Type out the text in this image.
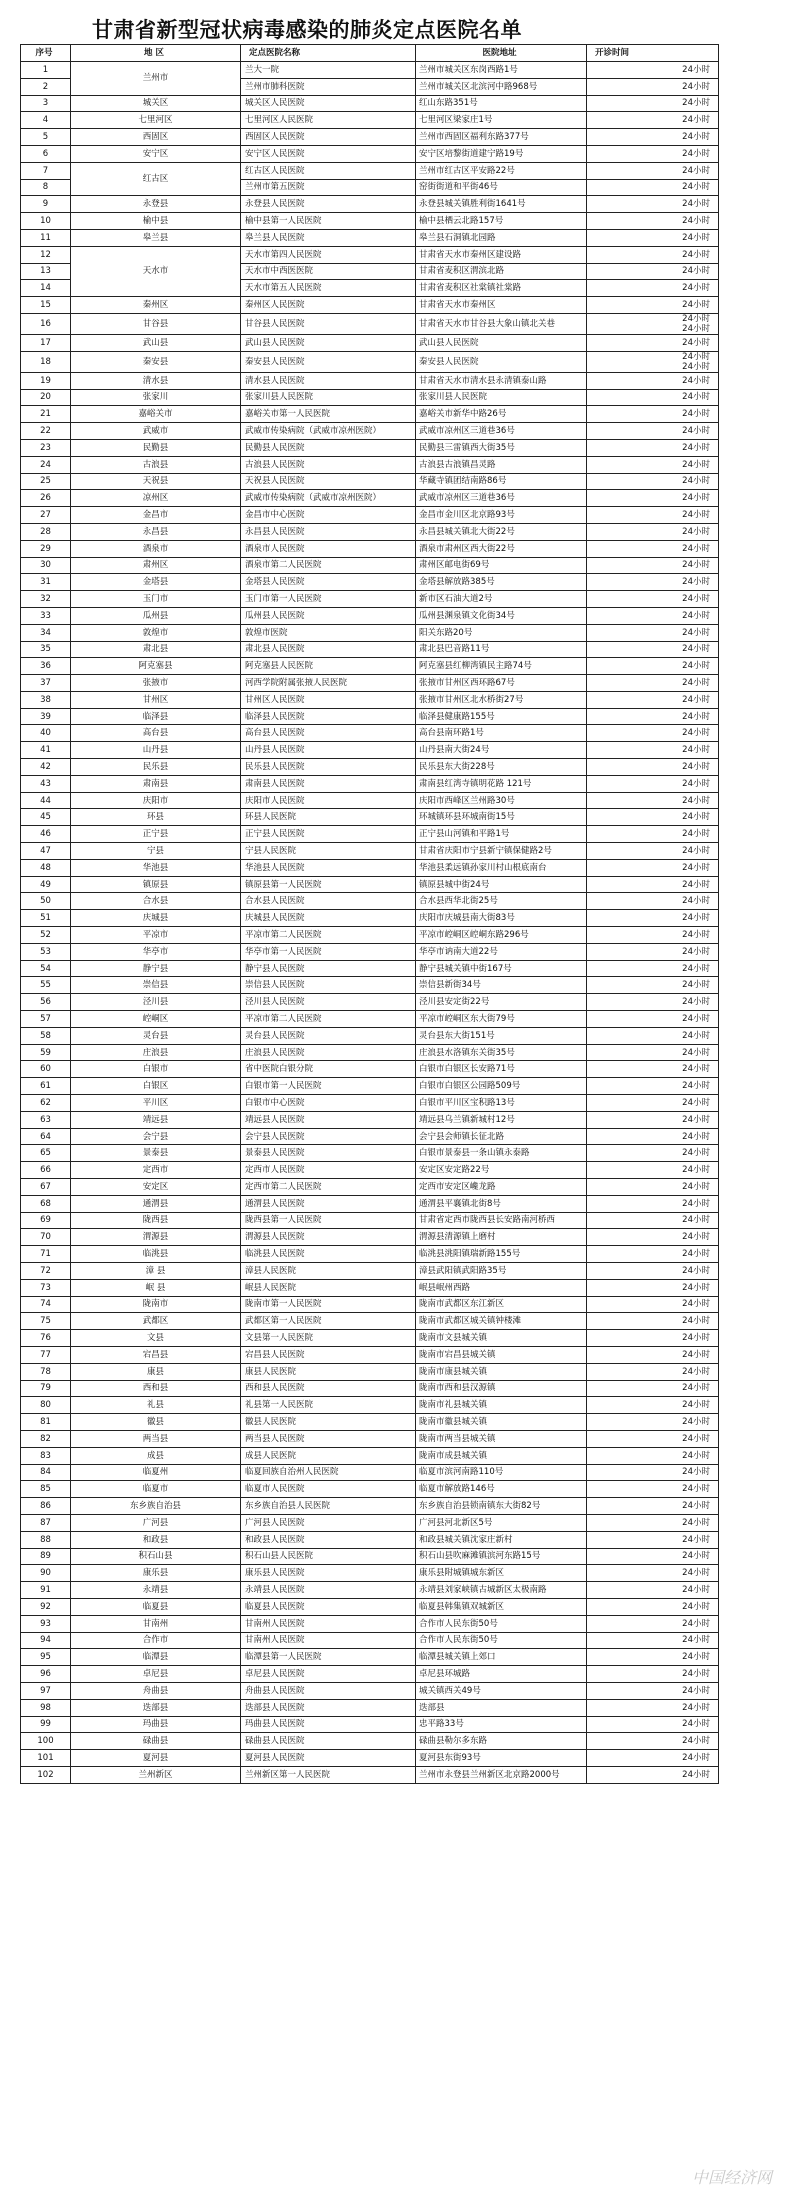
甘肃省新型冠状病毒感染的肺炎定点医院名单
序号	地 区	定点医院名称	医院地址	开诊时间
1	兰州市	兰大一院	兰州市城关区东岗西路1号	24小时

2		兰州市肺科医院	兰州市城关区北滨河中路968号	24小时

3	城关区	城关区人民医院	红山东路351号	24小时

4	七里河区	七里河区人民医院	七里河区梁家庄1号	24小时

5	西固区	西固区人民医院	兰州市西固区福利东路377号	24小时

6	安宁区	安宁区人民医院	安宁区培黎街道建宁路19号	24小时

7	红古区	红古区人民医院	兰州市红古区平安路22号	24小时

8		兰州市第五医院	窑街街道和平街46号	24小时

9	永登县	永登县人民医院	永登县城关镇胜利街1641号	24小时

10	榆中县	榆中县第一人民医院	榆中县栖云北路157号	24小时

11	皋兰县	皋兰县人民医院	皋兰县石洞镇北园路	24小时

12	天水市	天水市第四人民医院	甘肃省天水市秦州区建设路	24小时

13		天水市中西医医院	甘肃省麦积区渭滨北路	24小时

14		天水市第五人民医院	甘肃省麦积区社棠镇社棠路	24小时

15	秦州区	秦州区人民医院	甘肃省天水市秦州区	24小时

16	甘谷县	甘谷县人民医院	甘肃省天水市甘谷县大象山镇北关巷	24小时
24小时

17	武山县	武山县人民医院	武山县人民医院	24小时

18	秦安县	秦安县人民医院	秦安县人民医院	24小时
24小时

19	清水县	清水县人民医院	甘肃省天水市清水县永清镇泰山路	24小时

20	张家川	张家川县人民医院	张家川县人民医院	24小时

21	嘉峪关市	嘉峪关市第一人民医院	嘉峪关市新华中路26号	24小时

22	武威市	武威市传染病院（武威市凉州医院）	武威市凉州区三道巷36号	24小时

23	民勤县	民勤县人民医院	民勤县三雷镇西大街35号	24小时

24	古浪县	古浪县人民医院	古浪县古浪镇昌灵路	24小时

25	天祝县	天祝县人民医院	华藏寺镇团结南路86号	24小时

26	凉州区	武威市传染病院（武威市凉州医院）	武威市凉州区三道巷36号	24小时

27	金昌市	金昌市中心医院	金昌市金川区北京路93号	24小时

28	永昌县	永昌县人民医院	永昌县城关镇北大街22号	24小时

29	酒泉市	酒泉市人民医院	酒泉市肃州区西大街22号	24小时

30	肃州区	酒泉市第二人民医院	肃州区邮电街69号	24小时

31	金塔县	金塔县人民医院	金塔县解放路385号	24小时

32	玉门市	玉门市第一人民医院	新市区石油大道2号	24小时

33	瓜州县	瓜州县人民医院	瓜州县渊泉镇文化街34号	24小时

34	敦煌市	敦煌市医院	阳关东路20号	24小时

35	肃北县	肃北县人民医院	肃北县巴音路11号	24小时

36	阿克塞县	阿克塞县人民医院	阿克塞县红柳湾镇民主路74号	24小时

37	张掖市	河西学院附属张掖人民医院	张掖市甘州区西环路67号	24小时

38	甘州区	甘州区人民医院	张掖市甘州区北水桥街27号	24小时

39	临泽县	临泽县人民医院	临泽县健康路155号	24小时

40	高台县	高台县人民医院	高台县南环路1号	24小时

41	山丹县	山丹县人民医院	山丹县南大街24号	24小时

42	民乐县	民乐县人民医院	民乐县东大街228号	24小时

43	肃南县	肃南县人民医院	肃南县红湾寺镇明花路 121号	24小时

44	庆阳市	庆阳市人民医院	庆阳市西峰区兰州路30号	24小时

45	环县	环县人民医院	环城镇环县环城南街15号	24小时

46	正宁县	正宁县人民医院	正宁县山河镇和平路1号	24小时

47	宁县	宁县人民医院	甘肃省庆阳市宁县新宁镇保健路2号	24小时

48	华池县	华池县人民医院	华池县柔远镇孙家川村山根底南台	24小时

49	镇原县	镇原县第一人民医院	镇原县城中街24号	24小时

50	合水县	合水县人民医院	合水县西华北街25号	24小时

51	庆城县	庆城县人民医院	庆阳市庆城县南大街83号	24小时

52	平凉市	平凉市第二人民医院	平凉市崆峒区崆峒东路296号	24小时

53	华亭市	华亭市第一人民医院	华亭市讷南大道22号	24小时

54	静宁县	静宁县人民医院	静宁县城关镇中街167号	24小时

55	崇信县	崇信县人民医院	崇信县新街34号	24小时

56	泾川县	泾川县人民医院	泾川县安定街22号	24小时

57	崆峒区	平凉市第二人民医院	平凉市崆峒区东大街79号	24小时

58	灵台县	灵台县人民医院	灵台县东大街151号	24小时

59	庄浪县	庄浪县人民医院	庄浪县水洛镇东关街35号	24小时

60	白银市	省中医院白银分院	白银市白银区长安路71号	24小时

61	白银区	白银市第一人民医院	白银市白银区公园路509号	24小时

62	平川区	白银市中心医院	白银市平川区宝积路13号	24小时

63	靖远县	靖远县人民医院	靖远县乌兰镇新城村12号	24小时

64	会宁县	会宁县人民医院	会宁县会师镇长征北路	24小时

65	景泰县	景泰县人民医院	白银市景泰县一条山镇永泰路	24小时

66	定西市	定西市人民医院	安定区安定路22号	24小时

67	安定区	定西市第二人民医院	定西市安定区巉龙路	24小时

68	通渭县	通渭县人民医院	通渭县平襄镇北街8号	24小时

69	陇西县	陇西县第一人民医院	甘肃省定西市陇西县长安路南河桥西	24小时

70	渭源县	渭源县人民医院	渭源县清源镇上磨村	24小时

71	临洮县	临洮县人民医院	临洮县洮阳镇瑞新路155号	24小时

72	漳 县	漳县人民医院	漳县武阳镇武阳路35号	24小时

73	岷 县	岷县人民医院	岷县岷州西路	24小时

74	陇南市	陇南市第一人民医院	陇南市武都区东江新区	24小时

75	武都区	武都区第一人民医院	陇南市武都区城关镇钟楼滩	24小时

76	文县	文县第一人民医院	陇南市文县城关镇	24小时

77	宕昌县	宕昌县人民医院	陇南市宕昌县城关镇	24小时

78	康县	康县人民医院	陇南市康县城关镇	24小时

79	西和县	西和县人民医院	陇南市西和县汉源镇	24小时

80	礼县	礼县第一人民医院	陇南市礼县城关镇	24小时

81	徽县	徽县人民医院	陇南市徽县城关镇	24小时

82	两当县	两当县人民医院	陇南市两当县城关镇	24小时

83	成县	成县人民医院	陇南市成县城关镇	24小时

84	临夏州	临夏回族自治州人民医院	临夏市滨河南路110号	24小时

85	临夏市	临夏市人民医院	临夏市解放路146号	24小时

86	东乡族自治县	东乡族自治县人民医院	东乡族自治县锁南镇东大街82号	24小时

87	广河县	广河县人民医院	广河县河北新区5号	24小时

88	和政县	和政县人民医院	和政县城关镇沈家庄新村	24小时

89	积石山县	积石山县人民医院	积石山县吹麻滩镇滨河东路15号	24小时

90	康乐县	康乐县人民医院	康乐县附城镇城东新区	24小时

91	永靖县	永靖县人民医院	永靖县刘家峡镇古城新区太极南路	24小时

92	临夏县	临夏县人民医院	临夏县韩集镇双城新区	24小时

93	甘南州	甘南州人民医院	合作市人民东街50号	24小时

94	合作市	甘南州人民医院	合作市人民东街50号	24小时

95	临潭县	临潭县第一人民医院	临潭县城关镇上郊口	24小时

96	卓尼县	卓尼县人民医院	卓尼县环城路	24小时

97	舟曲县	舟曲县人民医院	城关镇西关49号	24小时

98	迭部县	迭部县人民医院	迭部县	24小时

99	玛曲县	玛曲县人民医院	忠平路33号	24小时

100	碌曲县	碌曲县人民医院	碌曲县勒尔多东路	24小时

101	夏河县	夏河县人民医院	夏河县东街93号	24小时

102	兰州新区	兰州新区第一人民医院	兰州市永登县兰州新区北京路2000号	24小时
中国经济网
